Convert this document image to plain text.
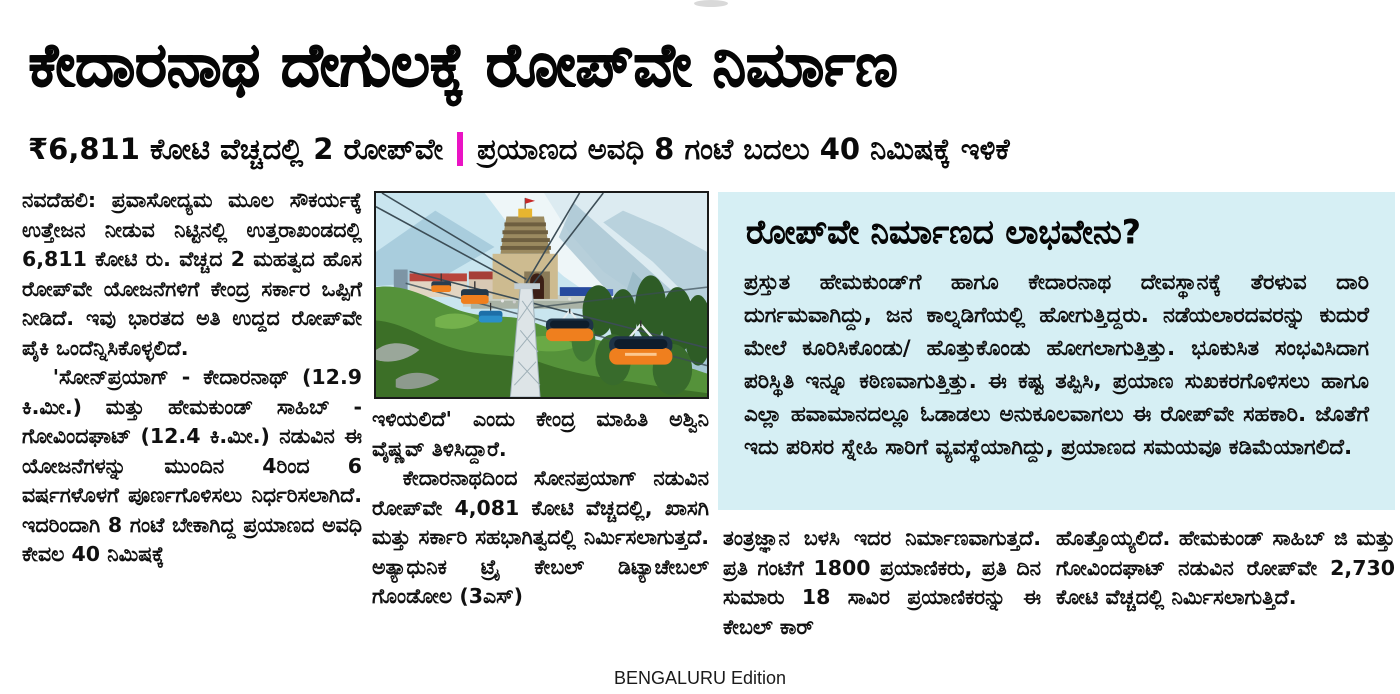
ಕೇದಾರನಾಥ ದೇಗುಲಕ್ಕೆ ರೋಪ್‌ವೇ ನಿರ್ಮಾಣ
₹6,811 ಕೋಟಿ ವೆಚ್ಚದಲ್ಲಿ 2 ರೋಪ್‌ವೇ ಪ್ರಯಾಣದ ಅವಧಿ 8 ಗಂಟೆ ಬದಲು 40 ನಿಮಿಷಕ್ಕೆ ಇಳಿಕೆ

ನವದೆಹಲಿ: ಪ್ರವಾಸೋದ್ಯಮ ಮೂಲ ಸೌಕರ್ಯಕ್ಕೆ ಉತ್ತೇಜನ ನೀಡುವ ನಿಟ್ಟಿನಲ್ಲಿ ಉತ್ತರಾಖಂಡದಲ್ಲಿ 6,811 ಕೋಟಿ ರು. ವೆಚ್ಚದ 2 ಮಹತ್ವದ ಹೊಸ ರೋಪ್‌ವೇ ಯೋಜನೆಗಳಿಗೆ ಕೇಂದ್ರ ಸರ್ಕಾರ ಒಪ್ಪಿಗೆ ನೀಡಿದೆ. ಇವು ಭಾರತದ ಅತಿ ಉದ್ದದ ರೋಪ್‌ವೇ ಪೈಕಿ ಒಂದೆನ್ನಿಸಿಕೊಳ್ಳಲಿದೆ.

'ಸೋನ್‌ಪ್ರಯಾಗ್ - ಕೇದಾರನಾಥ್ (12.9 ಕಿ.ಮೀ.) ಮತ್ತು ಹೇಮಕುಂಡ್ ಸಾಹಿಬ್ - ಗೋವಿಂದಘಾಟ್ (12.4 ಕಿ.ಮೀ.) ನಡುವಿನ ಈ ಯೋಜನೆಗಳನ್ನು ಮುಂದಿನ 4ರಿಂದ 6 ವರ್ಷಗಳೊಳಗೆ ಪೂರ್ಣಗೊಳಿಸಲು ನಿರ್ಧರಿಸಲಾಗಿದೆ. ಇದರಿಂದಾಗಿ 8 ಗಂಟೆ ಬೇಕಾಗಿದ್ದ ಪ್ರಯಾಣದ ಅವಧಿ ಕೇವಲ 40 ನಿಮಿಷಕ್ಕೆ

ಇಳಿಯಲಿದೆ' ಎಂದು ಕೇಂದ್ರ ಮಾಹಿತಿ ಅಶ್ವಿನಿ ವೈಷ್ಣವ್ ತಿಳಿಸಿದ್ದಾರೆ.

ಕೇದಾರನಾಥದಿಂದ ಸೋನಪ್ರಯಾಗ್ ನಡುವಿನ ರೋಪ್‌ವೇ 4,081 ಕೋಟಿ ವೆಚ್ಚದಲ್ಲಿ, ಖಾಸಗಿ ಮತ್ತು ಸರ್ಕಾರಿ ಸಹಭಾಗಿತ್ವದಲ್ಲಿ ನಿರ್ಮಿಸಲಾಗುತ್ತದೆ. ಅತ್ಯಾಧುನಿಕ ಟ್ರೈ ಕೇಬಲ್ ಡಿಟ್ಯಾಚೇಬಲ್ ಗೊಂಡೋಲ (3ಎಸ್)

ರೋಪ್‌ವೇ ನಿರ್ಮಾಣದ ಲಾಭವೇನು?
ಪ್ರಸ್ತುತ ಹೇಮಕುಂಡ್‌ಗೆ ಹಾಗೂ ಕೇದಾರನಾಥ ದೇವಸ್ಥಾನಕ್ಕೆ ತೆರಳುವ ದಾರಿ ದುರ್ಗಮವಾಗಿದ್ದು, ಜನ ಕಾಲ್ನಡಿಗೆಯಲ್ಲಿ ಹೋಗುತ್ತಿದ್ದರು. ನಡೆಯಲಾರದವರನ್ನು ಕುದುರೆ ಮೇಲೆ ಕೂರಿಸಿಕೊಂಡು/ ಹೊತ್ತುಕೊಂಡು ಹೋಗಲಾಗುತ್ತಿತ್ತು. ಭೂಕುಸಿತ ಸಂಭವಿಸಿದಾಗ ಪರಿಸ್ಥಿತಿ ಇನ್ನೂ ಕಠಿಣವಾಗುತ್ತಿತ್ತು. ಈ ಕಷ್ಟ ತಪ್ಪಿಸಿ, ಪ್ರಯಾಣ ಸುಖಕರಗೊಳಿಸಲು ಹಾಗೂ ಎಲ್ಲಾ ಹವಾಮಾನದಲ್ಲೂ ಓಡಾಡಲು ಅನುಕೂಲವಾಗಲು ಈ ರೋಪ್‌ವೇ ಸಹಕಾರಿ. ಜೊತೆಗೆ ಇದು ಪರಿಸರ ಸ್ನೇಹಿ ಸಾರಿಗೆ ವ್ಯವಸ್ಥೆಯಾಗಿದ್ದು, ಪ್ರಯಾಣದ ಸಮಯವೂ ಕಡಿಮೆಯಾಗಲಿದೆ.

ತಂತ್ರಜ್ಞಾನ ಬಳಸಿ ಇದರ ನಿರ್ಮಾಣವಾಗುತ್ತದೆ. ಪ್ರತಿ ಗಂಟೆಗೆ 1800 ಪ್ರಯಾಣಿಕರು, ಪ್ರತಿ ದಿನ ಸುಮಾರು 18 ಸಾವಿರ ಪ್ರಯಾಣಿಕರನ್ನು ಈ ಕೇಬಲ್ ಕಾರ್

ಹೊತ್ತೊಯ್ಯಲಿದೆ. ಹೇಮಕುಂಡ್ ಸಾಹಿಬ್ ಜಿ ಮತ್ತು ಗೋವಿಂದಘಾಟ್ ನಡುವಿನ ರೋಪ್‌ವೇ 2,730 ಕೋಟಿ ವೆಚ್ಚದಲ್ಲಿ ನಿರ್ಮಿಸಲಾಗುತ್ತಿದೆ.

BENGALURU Edition
